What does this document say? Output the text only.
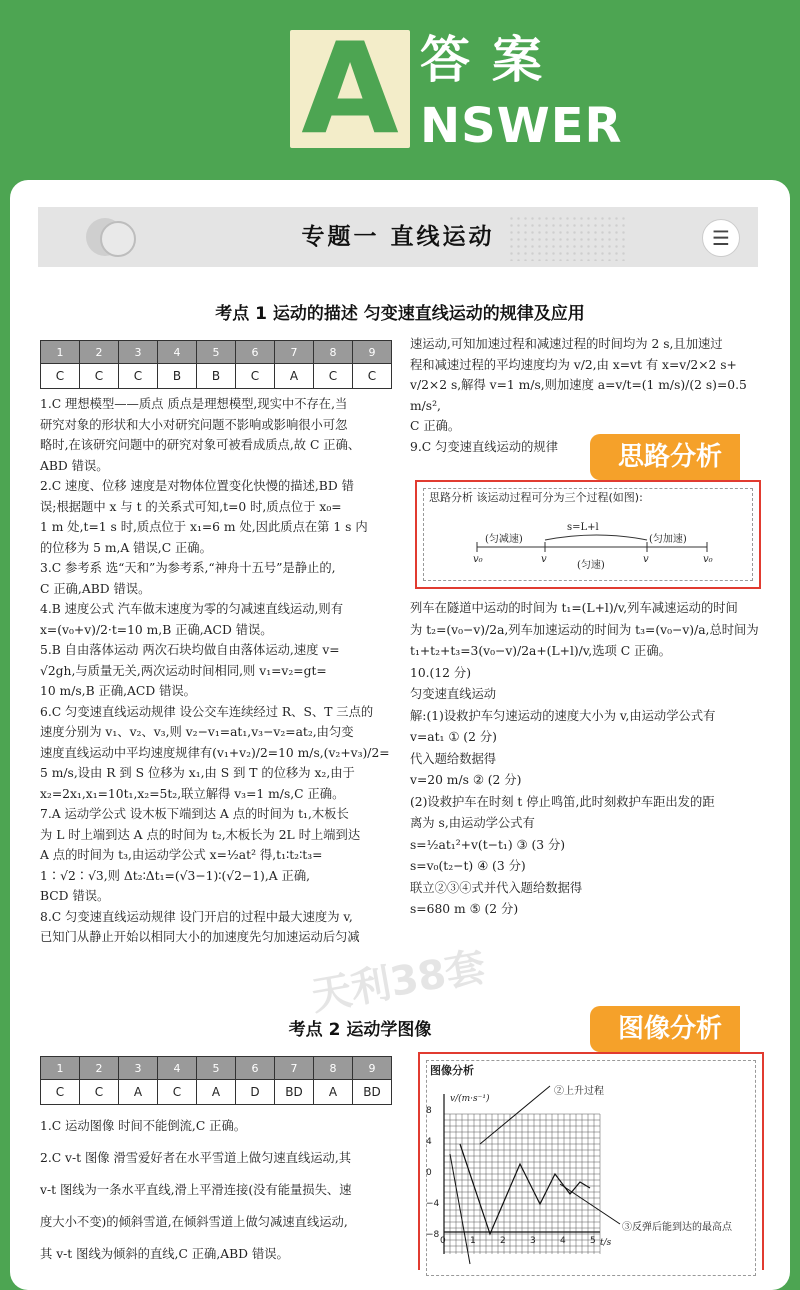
A 答案
NSWER
专题一 直线运动	☰
考点 1 运动的描述 匀变速直线运动的规律及应用
1	2	3	4	5	6	7	8	9
C	C	C	B	B	C	A	C	C

1.C 理想模型——质点 质点是理想模型,现实中不存在,当

研究对象的形状和大小对研究问题不影响或影响很小可忽

略时,在该研究问题中的研究对象可被看成质点,故 C 正确、

ABD 错误。

2.C 速度、位移 速度是对物体位置变化快慢的描述,BD 错

误;根据题中 x 与 t 的关系式可知,t=0 时,质点位于 x₀=

1 m 处,t=1 s 时,质点位于 x₁=6 m 处,因此质点在第 1 s 内

的位移为 5 m,A 错误,C 正确。

3.C 参考系 选“天和”为参考系,“神舟十五号”是静止的,

C 正确,ABD 错误。

4.B 速度公式 汽车做末速度为零的匀减速直线运动,则有

x=(v₀+v)/2·t=10 m,B 正确,ACD 错误。

5.B 自由落体运动 两次石块均做自由落体运动,速度 v=

√2gh,与质量无关,两次运动时间相同,则 v₁=v₂=gt=

10 m/s,B 正确,ACD 错误。

6.C 匀变速直线运动规律 设公交车连续经过 R、S、T 三点的

速度分别为 v₁、v₂、v₃,则 v₂−v₁=at₁,v₃−v₂=at₂,由匀变

速度直线运动中平均速度规律有(v₁+v₂)/2=10 m/s,(v₂+v₃)/2=

5 m/s,设由 R 到 S 位移为 x₁,由 S 到 T 的位移为 x₂,由于

x₂=2x₁,x₁=10t₁,x₂=5t₂,联立解得 v₃=1 m/s,C 正确。

7.A 运动学公式 设木板下端到达 A 点的时间为 t₁,木板长

为 L 时上端到达 A 点的时间为 t₂,木板长为 2L 时上端到达

A 点的时间为 t₃,由运动学公式 x=½at² 得,t₁∶t₂∶t₃=

1∶√2∶√3,则 Δt₂∶Δt₁=(√3−1)∶(√2−1),A 正确,

BCD 错误。

8.C 匀变速直线运动规律 设门开启的过程中最大速度为 v,

已知门从静止开始以相同大小的加速度先匀加速运动后匀减

速运动,可知加速过程和减速过程的时间均为 2 s,且加速过

程和减速过程的平均速度均为 v/2,由 x=vt 有 x=v/2×2 s+

v/2×2 s,解得 v=1 m/s,则加速度 a=v/t=(1 m/s)/(2 s)=0.5 m/s²,

C 正确。

9.C 匀变速直线运动的规律	思路分析
思路分析 该运动过程可分为三个过程(如图):
(匀减速)
s=L+l
(匀速)
(匀加速)
v₀	v	v	v₀

列车在隧道中运动的时间为 t₁=(L+l)/v,列车减速运动的时间

为 t₂=(v₀−v)/2a,列车加速运动的时间为 t₃=(v₀−v)/a,总时间为

t₁+t₂+t₃=3(v₀−v)/2a+(L+l)/v,选项 C 正确。

10.(12 分)

匀变速直线运动

解:(1)设救护车匀速运动的速度大小为 v,由运动学公式有

v=at₁ ① (2 分)

代入题给数据得

v=20 m/s ② (2 分)

(2)设救护车在时刻 t 停止鸣笛,此时刻救护车距出发的距

离为 s,由运动学公式有

s=½at₁²+v(t−t₁) ③ (3 分)

s=v₀(t₂−t) ④ (3 分)

联立②③④式并代入题给数据得

s=680 m ⑤ (2 分)

天利38套
考点 2 运动学图像
1	2	3	4	5	6	7	8	9
C	C	A	C	A	D	BD	A	BD

1.C 运动图像 时间不能倒流,C 正确。

2.C v-t 图像 滑雪爱好者在水平雪道上做匀速直线运动,其

v-t 图线为一条水平直线,滑上平滑连接(没有能量损失、速

度大小不变)的倾斜雪道,在倾斜雪道上做匀减速直线运动,

其 v-t 图线为倾斜的直线,C 正确,ABD 错误。

图像分析
图像分析
v/(m·s⁻¹)
t/s
②上升过程
③反弹后能到达的最高点
8
4
0
−4
−8
0	1	2	3	4	5
